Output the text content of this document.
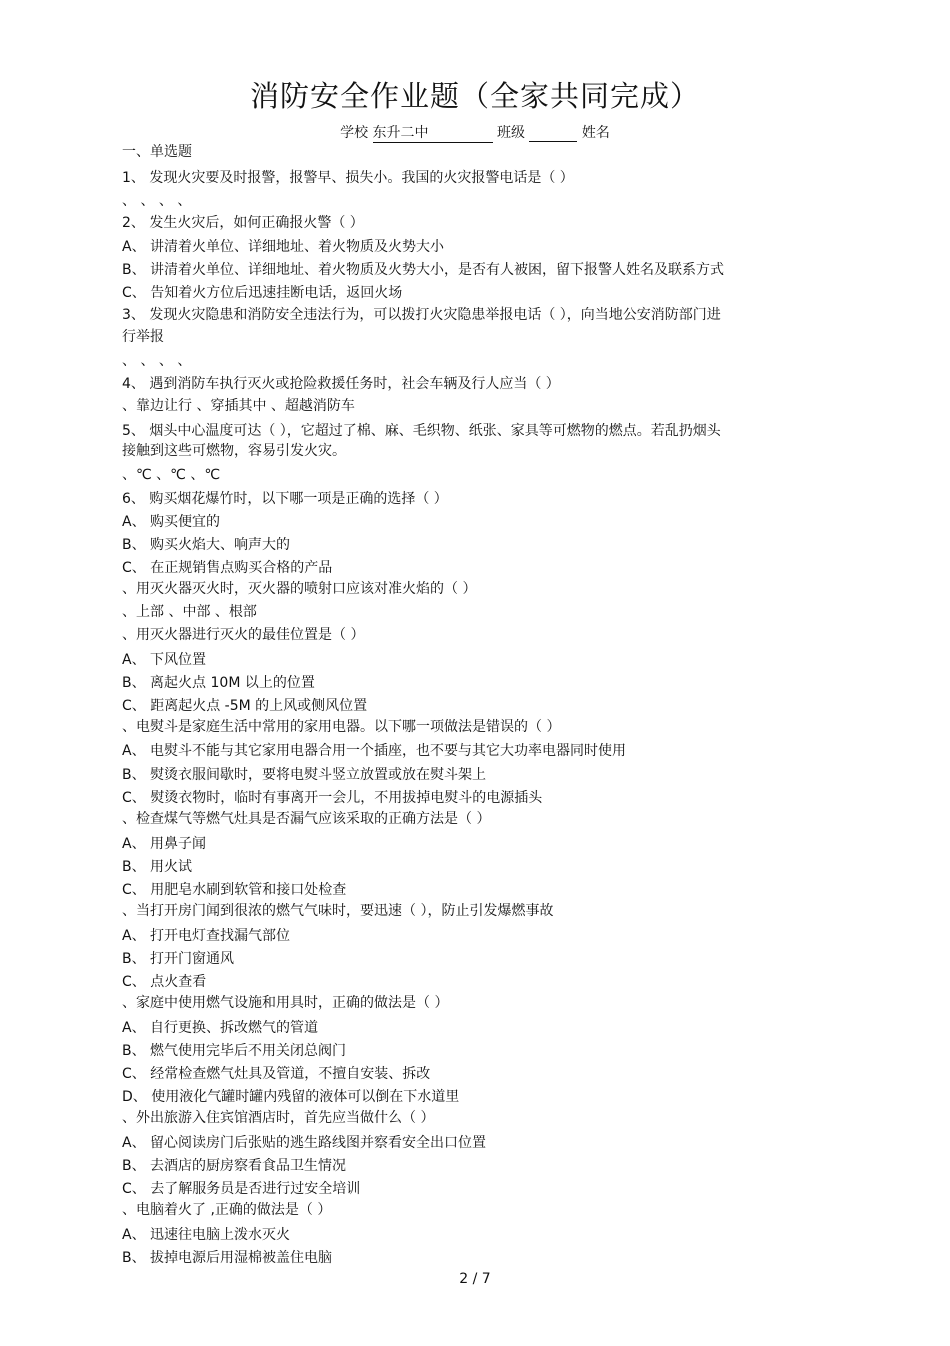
消防安全作业题（全家共同完成）
学校 东升二中	班级	姓名
一、单选题
1、 发现火灾要及时报警，报警早、损失小。我国的火灾报警电话是（ ）
、 、 、 、
2、 发生火灾后，如何正确报火警（ ）
A、 讲清着火单位、详细地址、着火物质及火势大小
B、 讲清着火单位、详细地址、着火物质及火势大小，是否有人被困，留下报警人姓名及联系方式
C、 告知着火方位后迅速挂断电话，返回火场
3、 发现火灾隐患和消防安全违法行为，可以拨打火灾隐患举报电话（ ），向当地公安消防部门进
行举报
、 、 、 、
4、 遇到消防车执行灭火或抢险救援任务时，社会车辆及行人应当（ ）
、靠边让行 、穿插其中 、超越消防车
5、 烟头中心温度可达（ ），它超过了棉、麻、毛织物、纸张、家具等可燃物的燃点。若乱扔烟头
接触到这些可燃物，容易引发火灾。
、℃ 、℃ 、℃
6、 购买烟花爆竹时，以下哪一项是正确的选择（ ）
A、 购买便宜的
B、 购买火焰大、响声大的
C、 在正规销售点购买合格的产品
、用灭火器灭火时，灭火器的喷射口应该对准火焰的（ ）
、上部 、中部 、根部
、用灭火器进行灭火的最佳位置是（ ）
A、 下风位置
B、 离起火点 10M 以上的位置
C、 距离起火点 -5M 的上风或侧风位置
、电熨斗是家庭生活中常用的家用电器。以下哪一项做法是错误的（ ）
A、 电熨斗不能与其它家用电器合用一个插座，也不要与其它大功率电器同时使用
B、 熨烫衣服间歇时，要将电熨斗竖立放置或放在熨斗架上
C、 熨烫衣物时，临时有事离开一会儿，不用拔掉电熨斗的电源插头
、检查煤气等燃气灶具是否漏气应该采取的正确方法是（ ）
A、 用鼻子闻
B、 用火试
C、 用肥皂水刷到软管和接口处检查
、当打开房门闻到很浓的燃气气味时，要迅速（ ），防止引发爆燃事故
A、 打开电灯查找漏气部位
B、 打开门窗通风
C、 点火查看
、家庭中使用燃气设施和用具时，正确的做法是（ ）
A、 自行更换、拆改燃气的管道
B、 燃气使用完毕后不用关闭总阀门
C、 经常检查燃气灶具及管道，不擅自安装、拆改
D、 使用液化气罐时罐内残留的液体可以倒在下水道里
、外出旅游入住宾馆酒店时，首先应当做什么（ ）
A、 留心阅读房门后张贴的逃生路线图并察看安全出口位置
B、 去酒店的厨房察看食品卫生情况
C、 去了解服务员是否进行过安全培训
、电脑着火了 ,正确的做法是（ ）
A、 迅速往电脑上泼水灭火
B、 拔掉电源后用湿棉被盖住电脑
2 / 7
